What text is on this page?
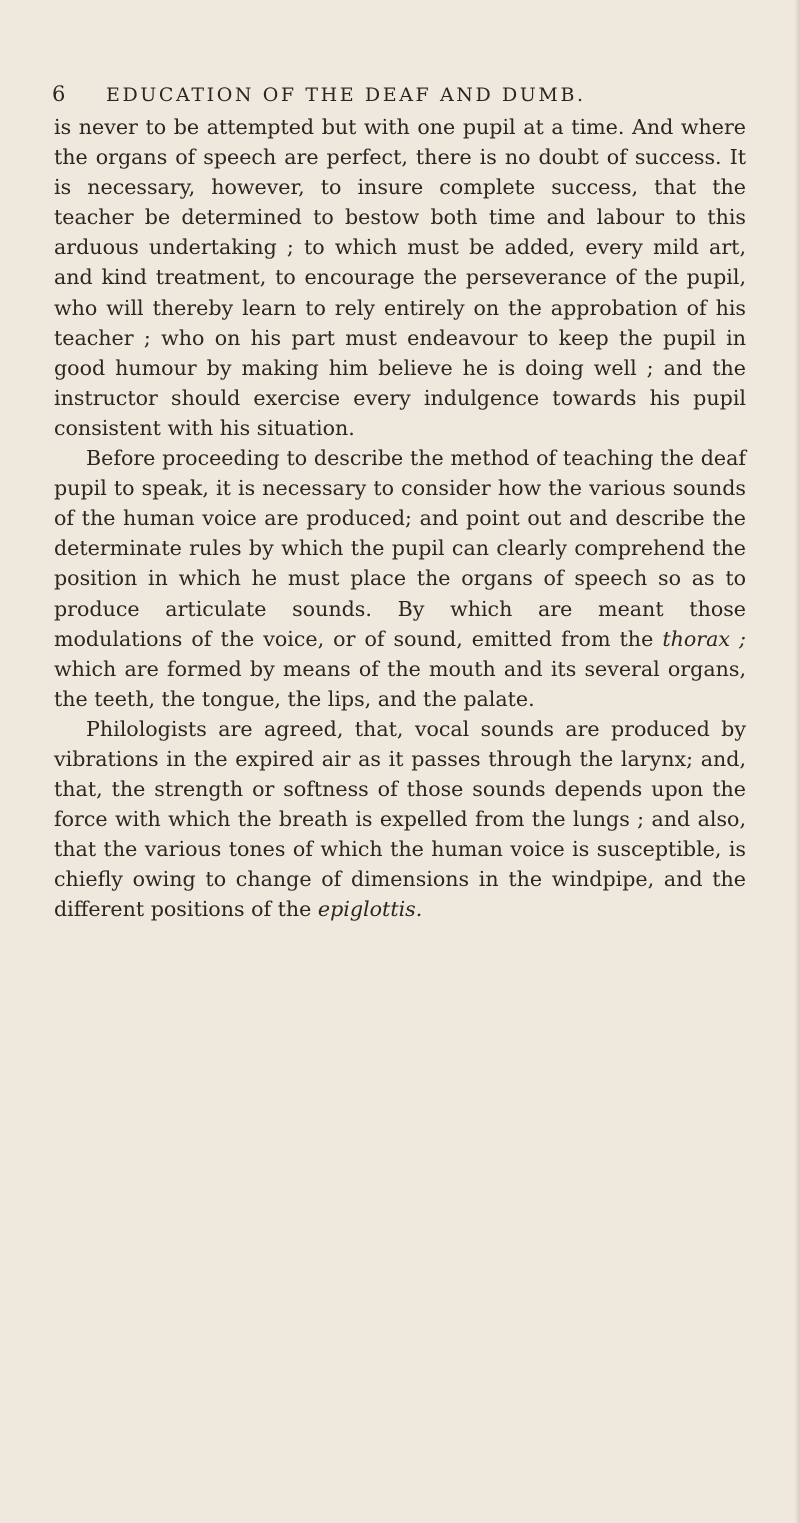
6 EDUCATION OF THE DEAF AND DUMB.

is never to be attempted but with one pupil at a time. And where the organs of speech are perfect, there is no doubt of success. It is necessary, however, to insure complete success, that the teacher be determined to bestow both time and labour to this arduous undertaking ; to which must be added, every mild art, and kind treatment, to encourage the perseverance of the pupil, who will thereby learn to rely entirely on the approbation of his teacher ; who on his part must endeavour to keep the pupil in good humour by making him believe he is doing well ; and the instructor should exercise every indulgence towards his pupil consistent with his situation.

Before proceeding to describe the method of teaching the deaf pupil to speak, it is necessary to consider how the various sounds of the human voice are produced; and point out and describe the determinate rules by which the pupil can clearly comprehend the position in which he must place the organs of speech so as to produce articulate sounds. By which are meant those modulations of the voice, or of sound, emitted from the thorax ; which are formed by means of the mouth and its several organs, the teeth, the tongue, the lips, and the palate.

Philologists are agreed, that, vocal sounds are produced by vibrations in the expired air as it passes through the larynx; and, that, the strength or softness of those sounds depends upon the force with which the breath is expelled from the lungs ; and also, that the various tones of which the human voice is susceptible, is chiefly owing to change of dimensions in the windpipe, and the different positions of the epiglottis.
